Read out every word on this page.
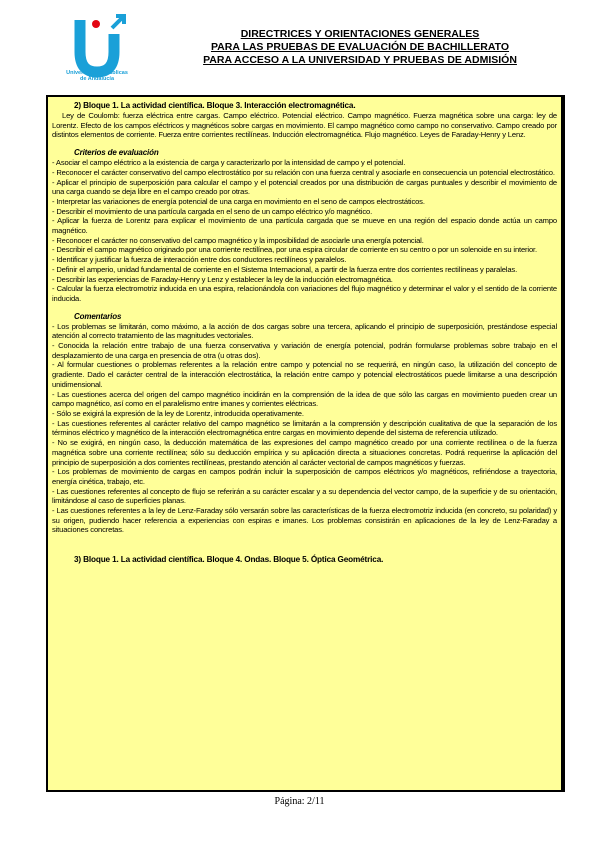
Universidades Públicas
de Andalucía
DIRECTRICES Y ORIENTACIONES GENERALES
PARA LAS PRUEBAS DE EVALUACIÓN DE BACHILLERATO
PARA ACCESO A LA UNIVERSIDAD Y PRUEBAS DE ADMISIÓN

2) Bloque 1. La actividad científica. Bloque 3. Interacción electromagnética.

Ley de Coulomb: fuerza eléctrica entre cargas. Campo eléctrico. Potencial eléctrico. Campo magnético. Fuerza magnética sobre una carga: ley de Lorentz. Efecto de los campos eléctricos y magnéticos sobre cargas en movimiento. El campo magnético como campo no conservativo. Campo creado por distintos elementos de corriente. Fuerza entre corrientes rectilíneas. Inducción electromagnética. Flujo magnético. Leyes de Faraday-Henry y Lenz.

Criterios de evaluación

- Asociar el campo eléctrico a la existencia de carga y caracterizarlo por la intensidad de campo y el potencial.

- Reconocer el carácter conservativo del campo electrostático por su relación con una fuerza central y asociarle en consecuencia un potencial electrostático.

- Aplicar el principio de superposición para calcular el campo y el potencial creados por una distribución de cargas puntuales y describir el movimiento de una carga cuando se deja libre en el campo creado por otras.

- Interpretar las variaciones de energía potencial de una carga en movimiento en el seno de campos electrostáticos.

- Describir el movimiento de una partícula cargada en el seno de un campo eléctrico y/o magnético.

- Aplicar la fuerza de Lorentz para explicar el movimiento de una partícula cargada que se mueve en una región del espacio donde actúa un campo magnético.

- Reconocer el carácter no conservativo del campo magnético y la imposibilidad de asociarle una energía potencial.

- Describir el campo magnético originado por una corriente rectilínea, por una espira circular de corriente en su centro o por un solenoide en su interior.

- Identificar y justificar la fuerza de interacción entre dos conductores rectilíneos y paralelos.

- Definir el amperio, unidad fundamental de corriente en el Sistema Internacional, a partir de la fuerza entre dos corrientes rectilíneas y paralelas.

- Describir las experiencias de Faraday-Henry y Lenz y establecer la ley de la inducción electromagnética.

- Calcular la fuerza electromotriz inducida en una espira, relacionándola con variaciones del flujo magnético y determinar el valor y el sentido de la corriente inducida.

Comentarios

- Los problemas se limitarán, como máximo, a la acción de dos cargas sobre una tercera, aplicando el principio de superposición, prestándose especial atención al correcto tratamiento de las magnitudes vectoriales.

- Conocida la relación entre trabajo de una fuerza conservativa y variación de energía potencial, podrán formularse problemas sobre trabajo en el desplazamiento de una carga en presencia de otra (u otras dos).

- Al formular cuestiones o problemas referentes a la relación entre campo y potencial no se requerirá, en ningún caso, la utilización del concepto de gradiente. Dado el carácter central de la interacción electrostática, la relación entre campo y potencial electrostáticos puede limitarse a una descripción unidimensional.

- Las cuestiones acerca del origen del campo magnético incidirán en la comprensión de la idea de que sólo las cargas en movimiento pueden crear un campo magnético, así como en el paralelismo entre imanes y corrientes eléctricas.

- Sólo se exigirá la expresión de la ley de Lorentz, introducida operativamente.

- Las cuestiones referentes al carácter relativo del campo magnético se limitarán a la comprensión y descripción cualitativa de que la separación de los términos eléctrico y magnético de la interacción electromagnética entre cargas en movimiento depende del sistema de referencia utilizado.

- No se exigirá, en ningún caso, la deducción matemática de las expresiones del campo magnético creado por una corriente rectilínea o de la fuerza magnética sobre una corriente rectilínea; sólo su deducción empírica y su aplicación directa a situaciones concretas. Podrá requerirse la aplicación del principio de superposición a dos corrientes rectilíneas, prestando atención al carácter vectorial de campos magnéticos y fuerzas.

- Los problemas de movimiento de cargas en campos podrán incluir la superposición de campos eléctricos y/o magnéticos, refiriéndose a trayectoria, energía cinética, trabajo, etc.

- Las cuestiones referentes al concepto de flujo se referirán a su carácter escalar y a su dependencia del vector campo, de la superficie y de su orientación, limitándose al caso de superficies planas.

- Las cuestiones referentes a la ley de Lenz-Faraday sólo versarán sobre las características de la fuerza electromotriz inducida (en concreto, su polaridad) y su origen, pudiendo hacer referencia a experiencias con espiras e imanes. Los problemas consistirán en aplicaciones de la ley de Lenz-Faraday a situaciones concretas.

3) Bloque 1. La actividad científica. Bloque 4. Ondas. Bloque 5. Óptica Geométrica.

Página: 2/11
